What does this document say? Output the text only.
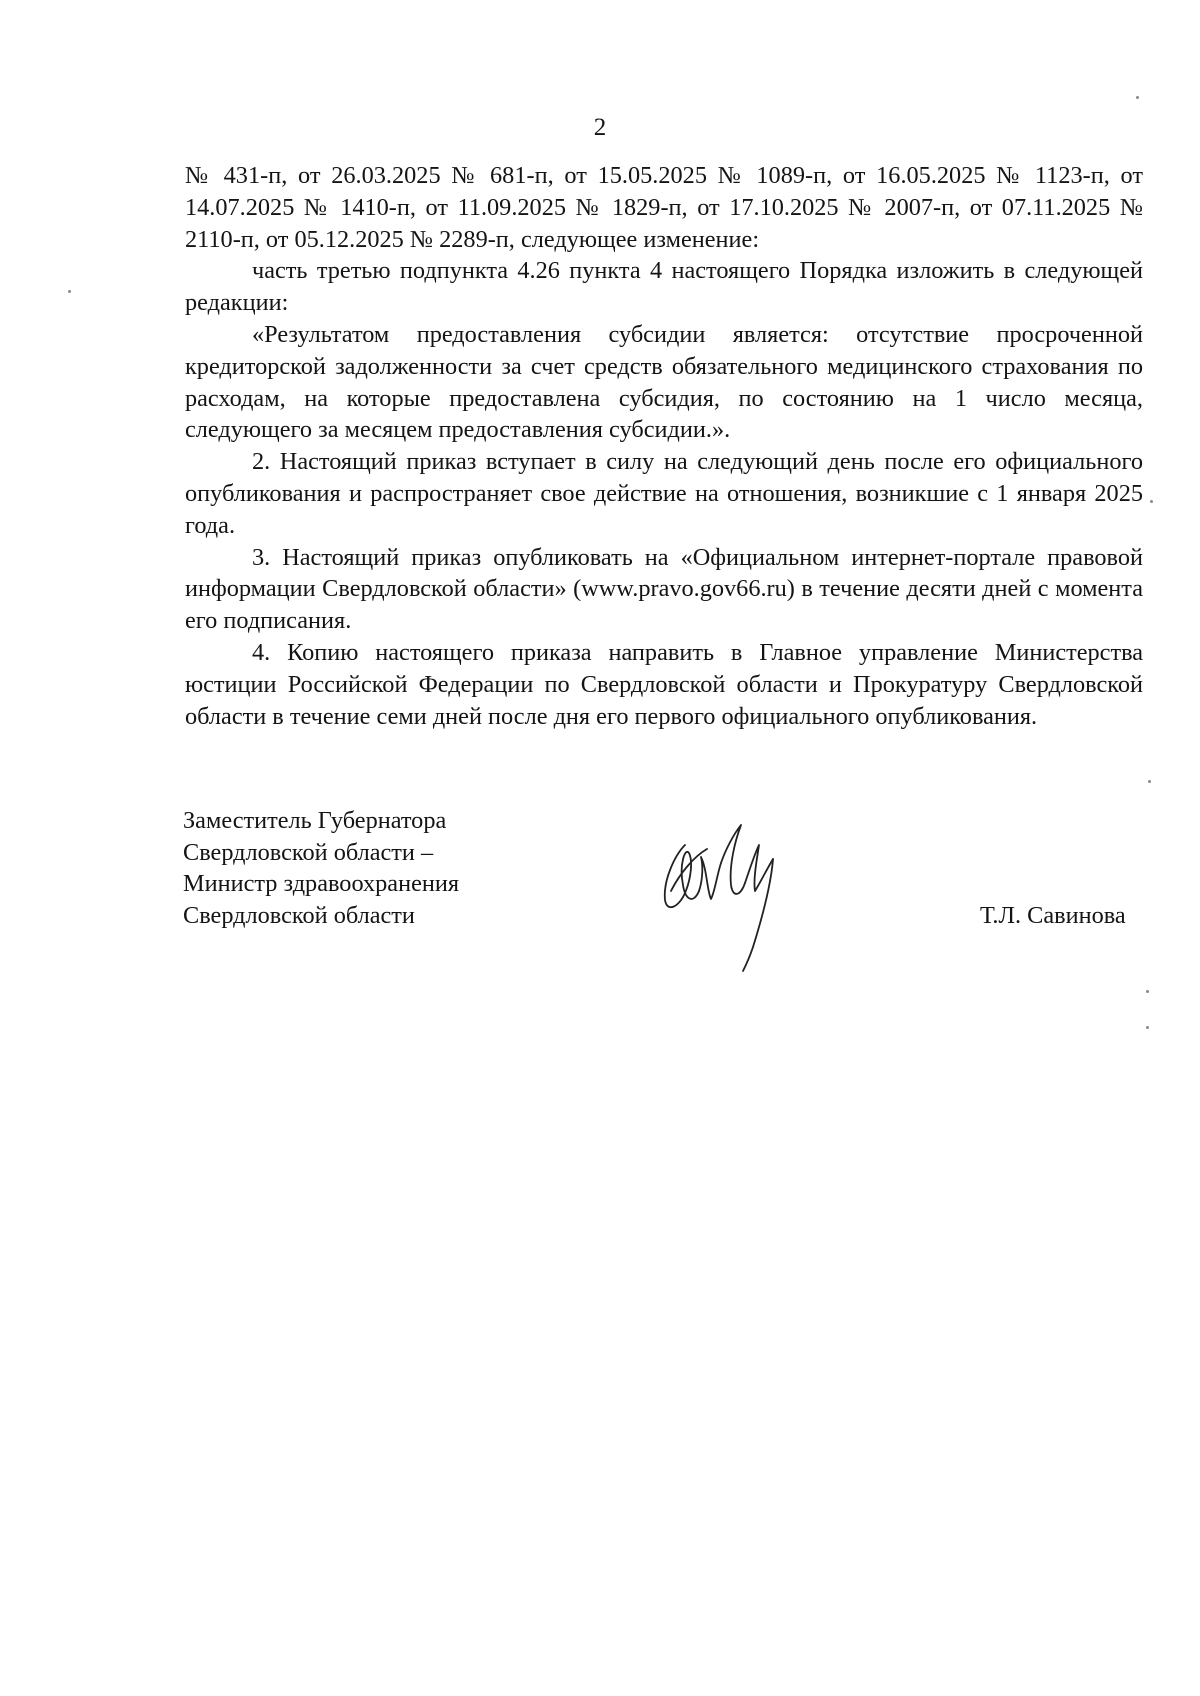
2

№ 431-п, от 26.03.2025 № 681-п, от 15.05.2025 № 1089-п, от 16.05.2025 № 1123-п, от 14.07.2025 № 1410-п, от 11.09.2025 № 1829-п, от 17.10.2025 № 2007-п, от 07.11.2025 № 2110-п, от 05.12.2025 № 2289-п, следующее изменение:

часть третью подпункта 4.26 пункта 4 настоящего Порядка изложить в следующей редакции:

«Результатом предоставления субсидии является: отсутствие просроченной кредиторской задолженности за счет средств обязательного медицинского страхования по расходам, на которые предоставлена субсидия, по состоянию на 1 число месяца, следующего за месяцем предоставления субсидии.».

2. Настоящий приказ вступает в силу на следующий день после его официального опубликования и распространяет свое действие на отношения, возникшие с 1 января 2025 года.

3. Настоящий приказ опубликовать на «Официальном интернет-портале правовой информации Свердловской области» (www.pravo.gov66.ru) в течение десяти дней с момента его подписания.

4. Копию настоящего приказа направить в Главное управление Министерства юстиции Российской Федерации по Свердловской области и Прокуратуру Свердловской области в течение семи дней после дня его первого официального опубликования.

Заместитель Губернатора
Свердловской области –
Министр здравоохранения
Свердловской области	Т.Л. Савинова
